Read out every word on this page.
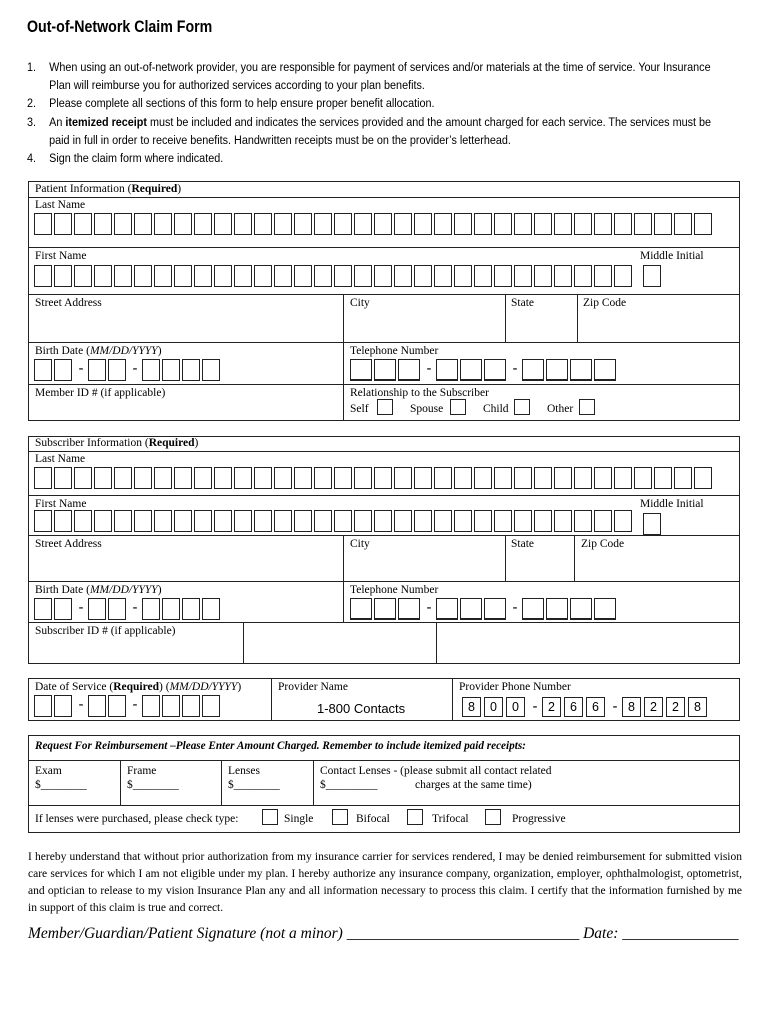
Out-of-Network Claim Form
1.	When using an out-of-network provider, you are responsible for payment of services and/or materials at the time of service. Your Insurance Plan will reimburse you for authorized services according to your plan benefits.
2.	Please complete all sections of this form to help ensure proper benefit allocation.
3.	An itemized receipt must be included and indicates the services provided and the amount charged for each service. The services must be paid in full in order to receive benefits. Handwritten receipts must be on the provider’s letterhead.
4.	Sign the claim form where indicated.
Patient Information (Required)
Last Name
First Name	Middle Initial
Street Address	City	State	Zip Code
Birth Date (MM/DD/YYYY)
-	-
Telephone Number
-	-
Member ID # (if applicable)	Relationship to the Subscriber
Self	Spouse	Child	Other
Subscriber Information (Required)
Last Name
First Name	Middle Initial
Street Address	City	State	Zip Code
Birth Date (MM/DD/YYYY)
-	-
Telephone Number
-	-
Subscriber ID # (if applicable)
Date of Service (Required) (MM/DD/YYYY)
-	-
Provider Name
1-800 Contacts
Provider Phone Number
8	0	0 - 2	6	6 - 8	2	2	8
Request For Reimbursement –Please Enter Amount Charged. Remember to include itemized paid receipts:
Exam
$________
Frame
$________
Lenses
$________
Contact Lenses - (please submit all contact related
$_________	charges at the same time)
If lenses were purchased, please check type:	Single	Bifocal	Trifocal	Progressive

I hereby understand that without prior authorization from my insurance carrier for services rendered, I may be denied reimbursement for submitted vision care services for which I am not eligible under my plan. I hereby authorize any insurance company, organization, employer, ophthalmologist, optometrist, and optician to release to my vision Insurance Plan any and all information necessary to process this claim. I certify that the information furnished by me in support of this claim is true and correct.

Member/Guardian/Patient Signature (not a minor) ______________________________ Date: _______________
